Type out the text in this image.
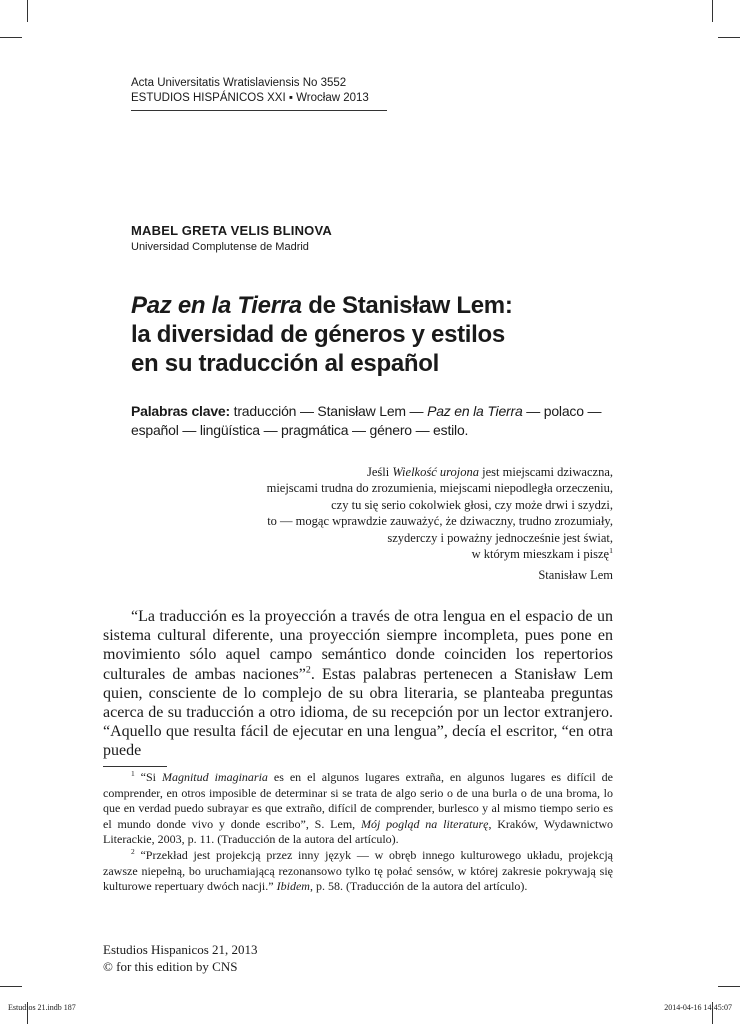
Acta Universitatis Wratislaviensis No 3552
ESTUDIOS HISPÁNICOS XXI ▪ Wrocław 2013
MABEL GRETA VELIS BLINOVA
Universidad Complutense de Madrid
Paz en la Tierra de Stanisław Lem:
la diversidad de géneros y estilos
en su traducción al español
Palabras clave: traducción — Stanisław Lem — Paz en la Tierra — polaco — español — lingüística — pragmática — género — estilo.
Jeśli Wielkość urojona jest miejscami dziwaczna,
miejscami trudna do zrozumienia, miejscami niepodległa orzeczeniu,
czy tu się serio cokolwiek głosi, czy może drwi i szydzi,
to — mogąc wprawdzie zauważyć, że dziwaczny, trudno zrozumiały,
szyderczy i poważny jednocześnie jest świat,
w którym mieszkam i piszę$^1$
Stanisław Lem

“La traducción es la proyección a través de otra lengua en el espacio de un sistema cultural diferente, una proyección siempre incompleta, pues pone en movimiento sólo aquel campo semántico donde coinciden los repertorios culturales de ambas naciones”$^2$. Estas palabras pertenecen a Stanisław Lem quien, consciente de lo complejo de su obra literaria, se planteaba preguntas acerca de su traducción a otro idioma, de su recepción por un lector extranjero. “Aquello que resulta fácil de ejecutar en una lengua”, decía el escritor, “en otra puede

$^1$ “Si Magnitud imaginaria es en el algunos lugares extraña, en algunos lugares es difícil de comprender, en otros imposible de determinar si se trata de algo serio o de una burla o de una broma, lo que en verdad puedo subrayar es que extraño, difícil de comprender, burlesco y al mismo tiempo serio es el mundo donde vivo y donde escribo”, S. Lem, Mój pogląd na literaturę, Kraków, Wydawnictwo Literackie, 2003, p. 11. (Traducción de la autora del artículo).

$^2$ “Przekład jest projekcją przez inny język — w obręb innego kulturowego układu, projekcją zawsze niepełną, bo uruchamiającą rezonansowo tylko tę połać sensów, w której zakresie pokrywają się kulturowe repertuary dwóch nacji.” Ibidem, p. 58. (Traducción de la autora del artículo).

Estudios Hispanicos 21, 2013
© for this edition by CNS
Estudios 21.indb 187	2014-04-16 14:45:07
